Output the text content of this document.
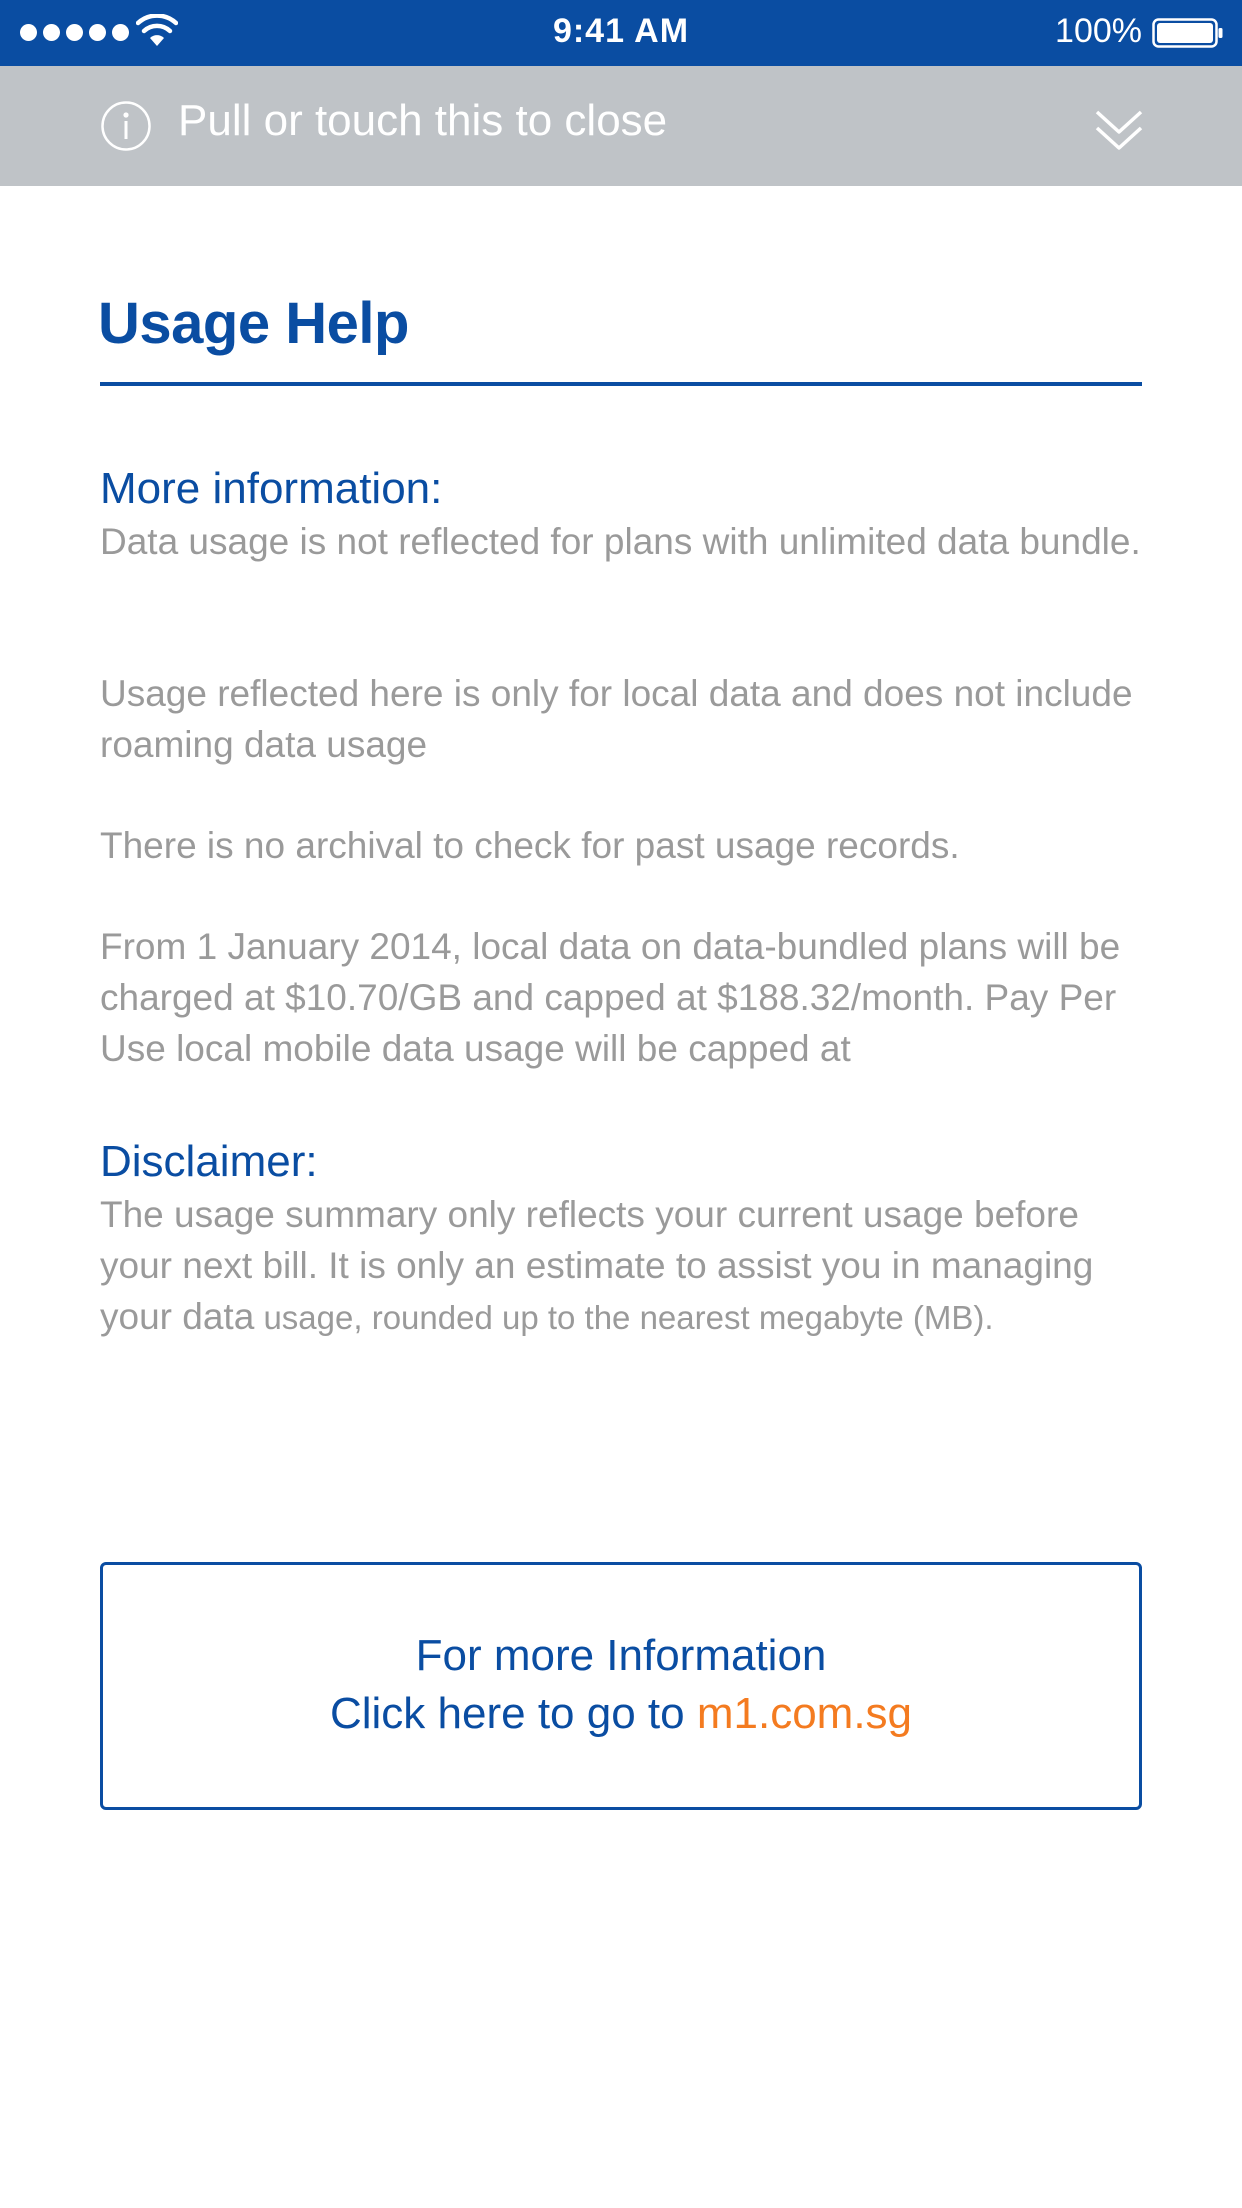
9:41 AM	100%
Pull or touch this to close
Usage Help
More information:

Data usage is not reflected for plans with unlimited data bundle.

Usage reflected here is only for local data and does not include roaming data usage

There is no archival to check for past usage records.

From 1 January 2014, local data on data-bundled plans will be charged at $10.70/GB and capped at $188.32/month. Pay Per Use local mobile data usage will be capped at

Disclaimer:

The usage summary only reflects your current usage before your next bill. It is only an estimate to assist you in managing your data usage, rounded up to the nearest megabyte (MB).

For more Information
Click here to go to m1.com.sg
